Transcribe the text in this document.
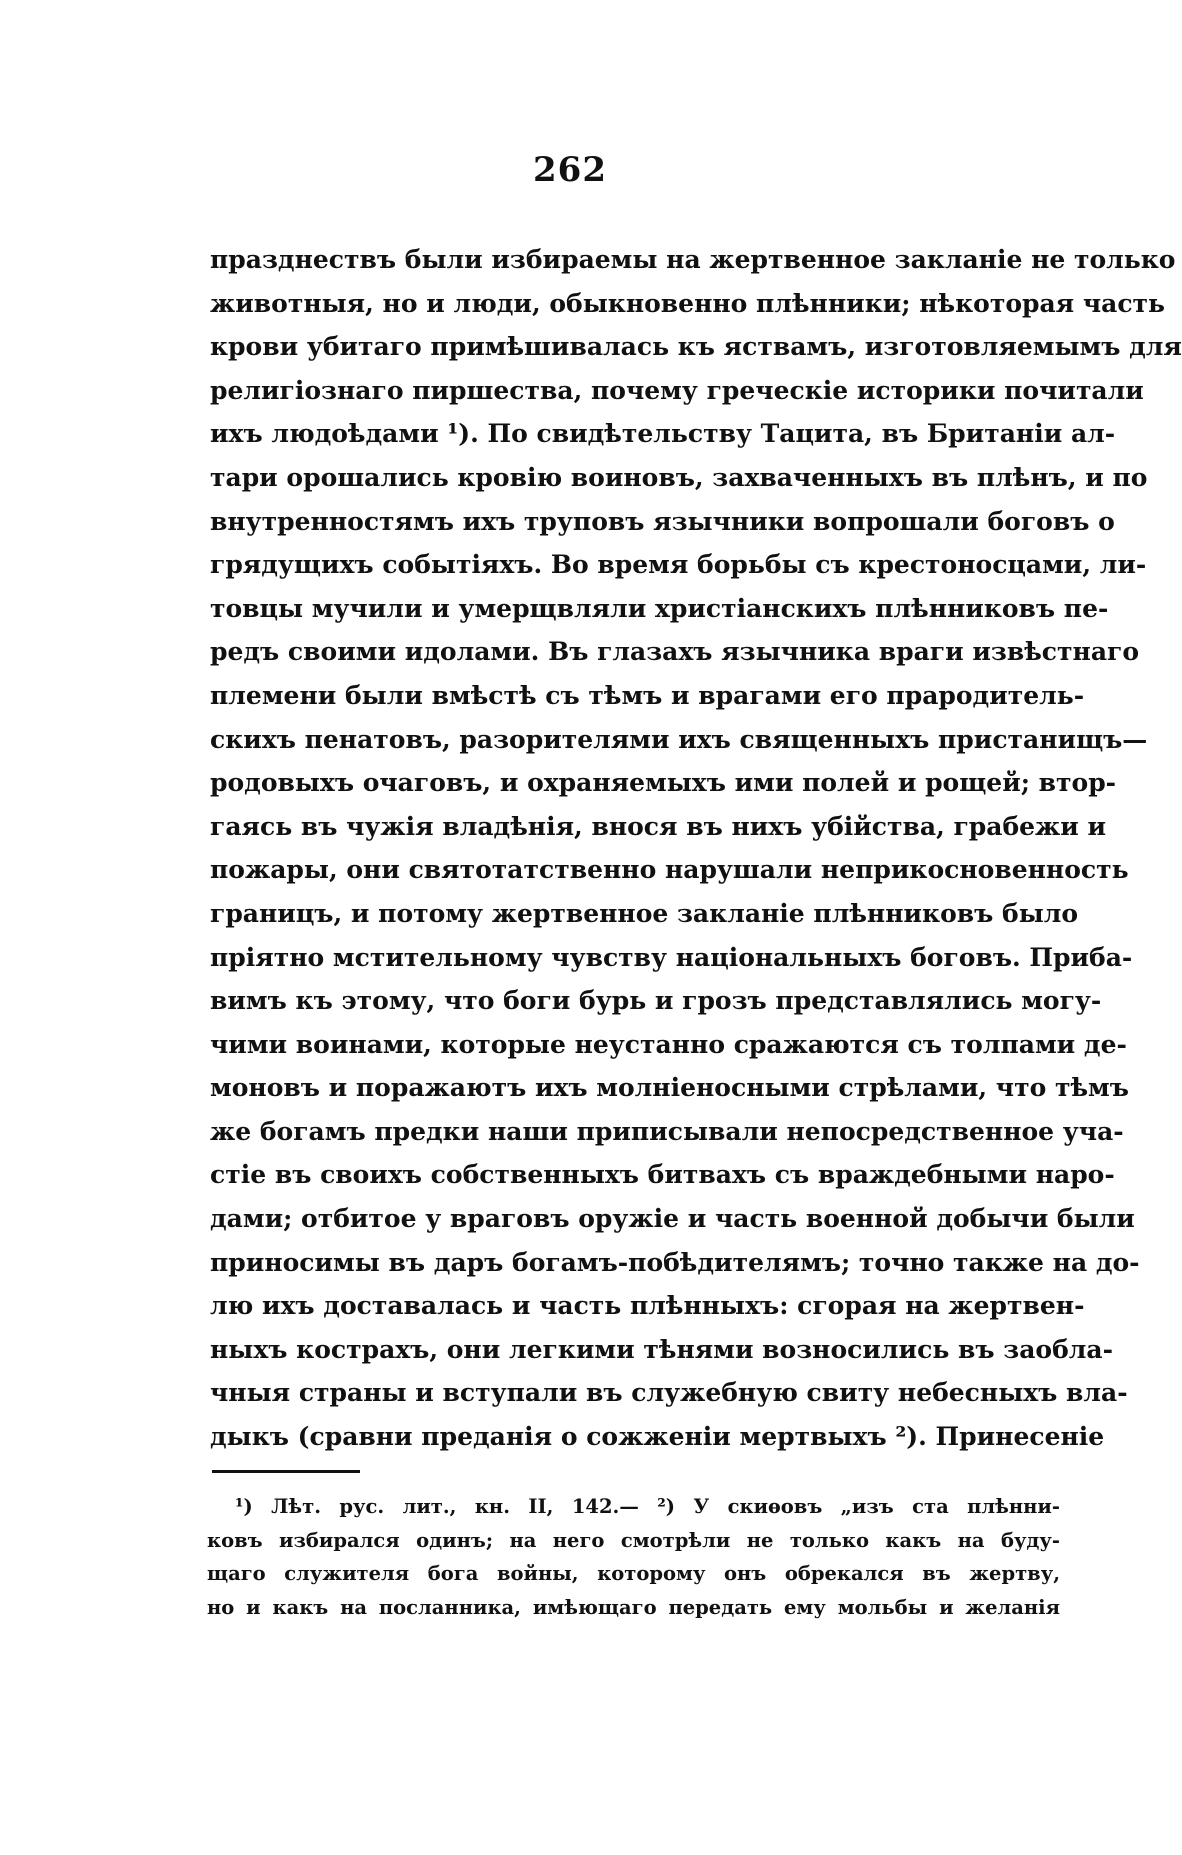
262
празднествъ были избираемы на жертвенное закланіе не только
животныя, но и люди, обыкновенно плѣнники; нѣкоторая часть
крови убитаго примѣшивалась къ яствамъ, изготовляемымъ для
религіознаго пиршества, почему греческіе историки почитали
ихъ людоѣдами ¹). По свидѣтельству Тацита, въ Британіи ал-
тари орошались кровію воиновъ, захваченныхъ въ плѣнъ, и по
внутренностямъ ихъ труповъ язычники вопрошали боговъ о
грядущихъ событіяхъ. Во время борьбы съ крестоносцами, ли-
товцы мучили и умерщвляли христіанскихъ плѣнниковъ пе-
редъ своими идолами. Въ глазахъ язычника враги извѣстнаго
племени были вмѣстѣ съ тѣмъ и врагами его прародитель-
скихъ пенатовъ, разорителями ихъ священныхъ пристанищъ—
родовыхъ очаговъ, и охраняемыхъ ими полей и рощей; втор-
гаясь въ чужія владѣнія, внося въ нихъ убійства, грабежи и
пожары, они святотатственно нарушали неприкосновенность
границъ, и потому жертвенное закланіе плѣнниковъ было
пріятно мстительному чувству національныхъ боговъ. Приба-
вимъ къ этому, что боги бурь и грозъ представлялись могу-
чими воинами, которые неустанно сражаются съ толпами де-
моновъ и поражаютъ ихъ молніеносными стрѣлами, что тѣмъ
же богамъ предки наши приписывали непосредственное уча-
стіе въ своихъ собственныхъ битвахъ съ враждебными наро-
дами; отбитое у враговъ оружіе и часть военной добычи были
приносимы въ даръ богамъ-побѣдителямъ; точно также на до-
лю ихъ доставалась и часть плѣнныхъ: сгорая на жертвен-
ныхъ кострахъ, они легкими тѣнями возносились въ заобла-
чныя страны и вступали въ служебную свиту небесныхъ вла-
дыкъ (сравни преданія о сожженіи мертвыхъ ²). Принесеніе
¹) Лѣт. рус. лит., кн. II, 142.— ²) У скиѳовъ „изъ ста плѣнни-
ковъ избирался одинъ; на него смотрѣли не только какъ на буду-
щаго служителя бога войны, которому онъ обрекался въ жертву,
но и какъ на посланника, имѣющаго передать ему мольбы и желанія
